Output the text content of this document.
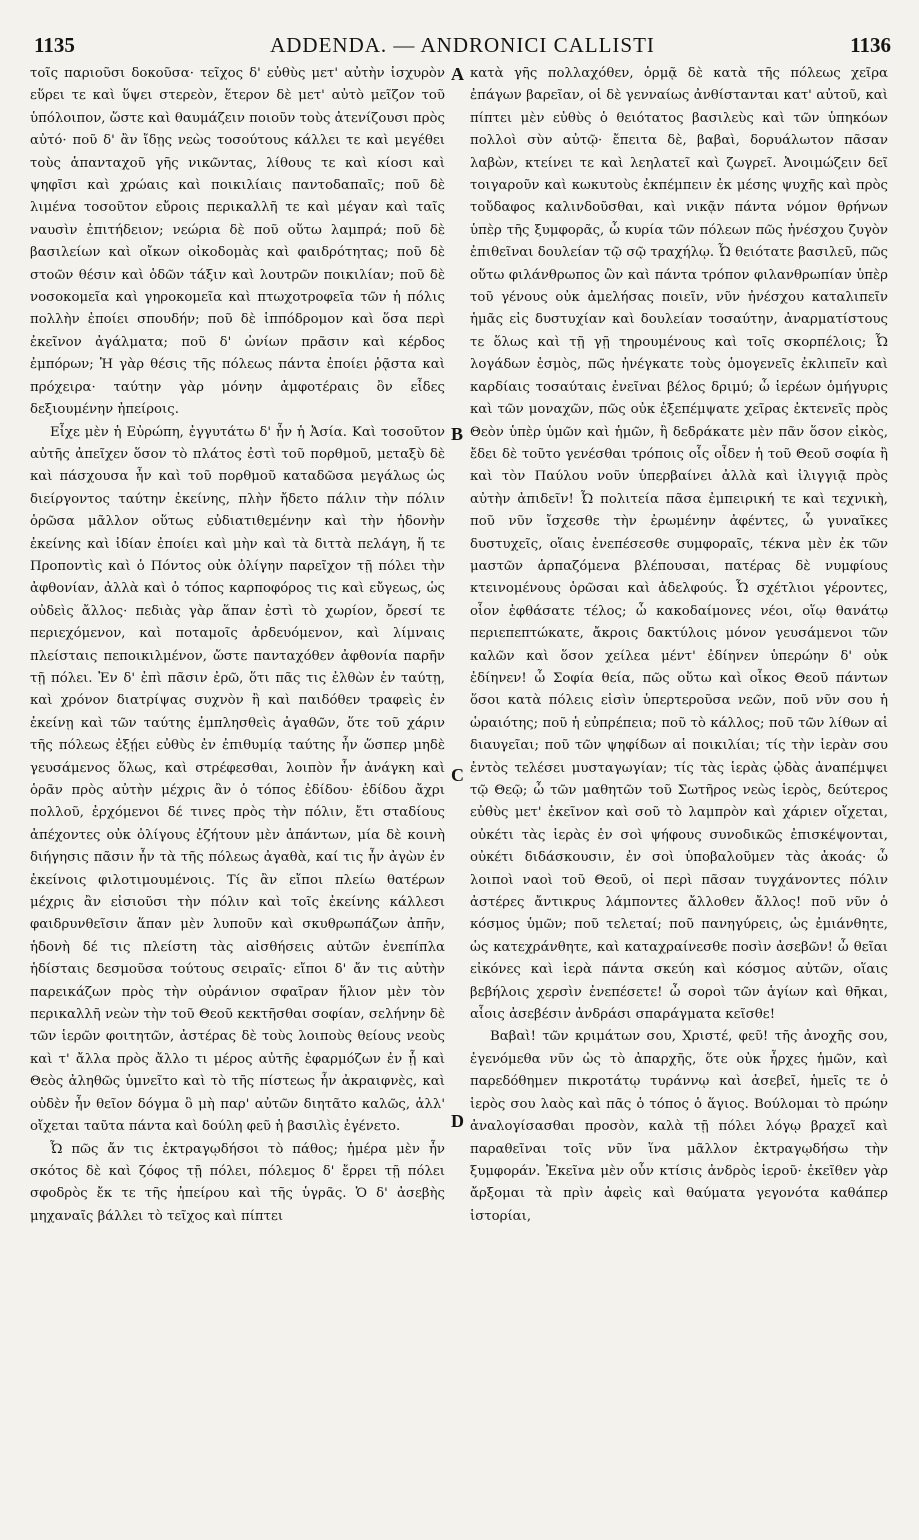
1135	ADDENDA. — ANDRONICI CALLISTI	1136

τοῖς παριοῦσι δοκοῦσα· τεῖχος δ' εὐθὺς μετ' αὐτὴν ἰσχυρὸν εὕρει τε καὶ ὕψει στερεὸν, ἕτερον δὲ μετ' αὐτὸ μεῖζον τοῦ ὑπόλοιπον, ὥστε καὶ θαυμάζειν ποιοῦν τοὺς ἀτενίζουσι πρὸς αὐτό· ποῦ δ' ἂν ἴδῃς νεὼς τοσούτους κάλλει τε καὶ μεγέθει τοὺς ἁπανταχοῦ γῆς νικῶντας, λίθους τε καὶ κίοσι καὶ ψηφῖσι καὶ χρώαις καὶ ποικιλίαις παντοδαπαῖς; ποῦ δὲ λιμένα τοσοῦτον εὔροις περικαλλῆ τε καὶ μέγαν καὶ ταῖς ναυσὶν ἐπιτήδειον; νεώρια δὲ ποῦ οὕτω λαμπρά; ποῦ δὲ βασιλείων καὶ οἴκων οἰκοδομὰς καὶ φαιδρότητας; ποῦ δὲ στοῶν θέσιν καὶ ὁδῶν τάξιν καὶ λουτρῶν ποικιλίαν; ποῦ δὲ νοσοκομεῖα καὶ γηροκομεῖα καὶ πτωχοτροφεῖα τῶν ἡ πόλις πολλὴν ἐποίει σπουδήν; ποῦ δὲ ἱππόδρομον καὶ ὅσα περὶ ἐκεῖνον ἀγάλματα; ποῦ δ' ὠνίων πρᾶσιν καὶ κέρδος ἐμπόρων; Ἡ γὰρ θέσις τῆς πόλεως πάντα ἐποίει ῥᾷστα καὶ πρόχειρα· ταύτην γὰρ μόνην ἀμφοτέραις ὂν εἶδες δεξιουμένην ἠπείροις.

Εἶχε μὲν ἡ Εὐρώπη, ἐγγυτάτω δ' ἦν ἡ Ἀσία. Καὶ τοσοῦτον αὐτῆς ἀπεῖχεν ὅσον τὸ πλάτος ἐστὶ τοῦ πορθμοῦ, μεταξὺ δὲ καὶ πάσχουσα ἦν καὶ τοῦ πορθμοῦ καταδῶσα μεγάλως ὡς διείργοντος ταύτην ἐκείνης, πλὴν ἤδετο πάλιν τὴν πόλιν ὁρῶσα μᾶλλον οὕτως εὐδιατιθεμένην καὶ τὴν ἡδονὴν ἐκείνης καὶ ἰδίαν ἐποίει καὶ μὴν καὶ τὰ διττὰ πελάγη, ἥ τε Προποντὶς καὶ ὁ Πόντος οὐκ ὀλίγην παρεῖχον τῇ πόλει τὴν ἀφθονίαν, ἀλλὰ καὶ ὁ τόπος καρποφόρος τις καὶ εὔγεως, ὡς οὐδεὶς ἄλλος· πεδιὰς γὰρ ἅπαν ἐστὶ τὸ χωρίον, ὄρεσί τε περιεχόμενον, καὶ ποταμοῖς ἀρδευόμενον, καὶ λίμναις πλείσταις πεποικιλμένον, ὥστε πανταχόθεν ἀφθονία παρῆν τῇ πόλει. Ἐν δ' ἐπὶ πᾶσιν ἐρῶ, ὅτι πᾶς τις ἐλθὼν ἐν ταύτῃ, καὶ χρόνον διατρίψας συχνὸν ἢ καὶ παιδόθεν τραφεὶς ἐν ἐκείνῃ καὶ τῶν ταύτης ἐμπλησθεὶς ἀγαθῶν, ὅτε τοῦ χάριν τῆς πόλεως ἐξῄει εὐθὺς ἐν ἐπιθυμίᾳ ταύτης ἦν ὥσπερ μηδὲ γευσάμενος ὅλως, καὶ στρέφεσθαι, λοιπὸν ἦν ἀνάγκη καὶ ὁρᾶν πρὸς αὐτὴν μέχρις ἂν ὁ τόπος ἐδίδου· ἐδίδου ἄχρι πολλοῦ, ἐρχόμενοι δέ τινες πρὸς τὴν πόλιν, ἔτι σταδίους ἀπέχοντες οὐκ ὀλίγους ἐζήτουν μὲν ἁπάντων, μία δὲ κοινὴ διήγησις πᾶσιν ἦν τὰ τῆς πόλεως ἀγαθὰ, καί τις ἦν ἀγὼν ἐν ἐκείνοις φιλοτιμουμένοις. Τίς ἂν εἴποι πλείω θατέρων μέχρις ἂν εἰσιοῦσι τὴν πόλιν καὶ τοῖς ἐκείνης κάλλεσι φαιδρυνθεῖσιν ἅπαν μὲν λυποῦν καὶ σκυθρωπάζων ἀπῆν, ἡδονὴ δέ τις πλείστη τὰς αἰσθήσεις αὐτῶν ἐνεπίπλα ἡδίσταις δεσμοῦσα τούτους σειραῖς· εἴποι δ' ἄν τις αὐτὴν παρεικάζων πρὸς τὴν οὐράνιον σφαῖραν ἥλιον μὲν τὸν περικαλλῆ νεὼν τὴν τοῦ Θεοῦ κεκτῆσθαι σοφίαν, σελήνην δὲ τῶν ἱερῶν φοιτητῶν, ἀστέρας δὲ τοὺς λοιποὺς θείους νεοὺς καὶ τ' ἄλλα πρὸς ἄλλο τι μέρος αὐτῆς ἐφαρμόζων ἐν ᾗ καὶ Θεὸς ἀληθῶς ὑμνεῖτο καὶ τὸ τῆς πίστεως ἦν ἀκραιφνὲς, καὶ οὐδὲν ἦν θεῖον δόγμα ὃ μὴ παρ' αὐτῶν διητᾶτο καλῶς, ἀλλ' οἴχεται ταῦτα πάντα καὶ δούλη φεῦ ἡ βασιλὶς ἐγένετο.

Ὦ πῶς ἄν τις ἐκτραγῳδήσοι τὸ πάθος; ἡμέρα μὲν ἦν σκότος δὲ καὶ ζόφος τῇ πόλει, πόλεμος δ' ἔρρει τῇ πόλει σφοδρὸς ἔκ τε τῆς ἠπείρου καὶ τῆς ὑγρᾶς. Ὁ δ' ἀσεβὴς μηχαναῖς βάλλει τὸ τεῖχος καὶ πίπτει

A
B
C
D

κατὰ γῆς πολλαχόθεν, ὁρμᾷ δὲ κατὰ τῆς πόλεως χεῖρα ἐπάγων βαρεῖαν, οἱ δὲ γενναίως ἀνθίστανται κατ' αὐτοῦ, καὶ πίπτει μὲν εὐθὺς ὁ θειότατος βασιλεὺς καὶ τῶν ὑπηκόων πολλοὶ σὺν αὐτῷ· ἔπειτα δὲ, βαβαὶ, δορυάλωτον πᾶσαν λαβὼν, κτείνει τε καὶ λεηλατεῖ καὶ ζωγρεῖ. Ἀνοιμώζειν δεῖ τοιγαροῦν καὶ κωκυτοὺς ἐκπέμπειν ἐκ μέσης ψυχῆς καὶ πρὸς τοὔδαφος καλινδοῦσθαι, καὶ νικᾷν πάντα νόμον θρήνων ὑπὲρ τῆς ξυμφορᾶς, ὦ κυρία τῶν πόλεων πῶς ἠνέσχου ζυγὸν ἐπιθεῖναι δουλείαν τῷ σῷ τραχήλῳ. Ὦ θειότατε βασιλεῦ, πῶς οὕτω φιλάνθρωπος ὢν καὶ πάντα τρόπον φιλανθρωπίαν ὑπὲρ τοῦ γένους οὐκ ἀμελήσας ποιεῖν, νῦν ἠνέσχου καταλιπεῖν ἡμᾶς εἰς δυστυχίαν καὶ δουλείαν τοσαύτην, ἀναρματίστους τε ὅλως καὶ τῇ γῇ τηρουμένους καὶ τοῖς σκορπέλοις; Ὦ λογάδων ἑσμὸς, πῶς ἠνέγκατε τοὺς ὁμογενεῖς ἐκλιπεῖν καὶ καρδίαις τοσαύταις ἐνεῖναι βέλος δριμύ; ὦ ἱερέων ὁμήγυρις καὶ τῶν μοναχῶν, πῶς οὐκ ἐξεπέμψατε χεῖρας ἐκτενεῖς πρὸς Θεὸν ὑπὲρ ὑμῶν καὶ ἡμῶν, ἢ δεδράκατε μὲν πᾶν ὅσον εἰκὸς, ἔδει δὲ τοῦτο γενέσθαι τρόποις οἷς οἶδεν ἡ τοῦ Θεοῦ σοφία ἢ καὶ τὸν Παύλου νοῦν ὑπερβαίνει ἀλλὰ καὶ ἰλιγγιᾷ πρὸς αὐτὴν ἀπιδεῖν! Ὦ πολιτεία πᾶσα ἐμπειρική τε καὶ τεχνικὴ, ποῦ νῦν ἴσχεσθε τὴν ἐρωμένην ἀφέντες, ὦ γυναῖκες δυστυχεῖς, οἵαις ἐνεπέσεσθε συμφοραῖς, τέκνα μὲν ἐκ τῶν μαστῶν ἁρπαζόμενα βλέπουσαι, πατέρας δὲ νυμφίους κτεινομένους ὁρῶσαι καὶ ἀδελφούς. Ὦ σχέτλιοι γέροντες, οἷον ἐφθάσατε τέλος; ὦ κακοδαίμονες νέοι, οἵῳ θανάτῳ περιεπεπτώκατε, ἄκροις δακτύλοις μόνον γευσάμενοι τῶν καλῶν καὶ ὅσον χείλεα μέντ' ἐδίηνεν ὑπερώην δ' οὐκ ἐδίηνεν! ὦ Σοφία θεία, πῶς οὕτω καὶ οἶκος Θεοῦ πάντων ὅσοι κατὰ πόλεις εἰσὶν ὑπερτεροῦσα νεῶν, ποῦ νῦν σου ἡ ὡραιότης; ποῦ ἡ εὐπρέπεια; ποῦ τὸ κάλλος; ποῦ τῶν λίθων αἱ διαυγεῖαι; ποῦ τῶν ψηφίδων αἱ ποικιλίαι; τίς τὴν ἱερὰν σου ἐντὸς τελέσει μυσταγωγίαν; τίς τὰς ἱερὰς ᾠδὰς ἀναπέμψει τῷ Θεῷ; ὦ τῶν μαθητῶν τοῦ Σωτῆρος νεὼς ἱερὸς, δεύτερος εὐθὺς μετ' ἐκεῖνον καὶ σοῦ τὸ λαμπρὸν καὶ χάριεν οἴχεται, οὐκέτι τὰς ἱερὰς ἐν σοὶ ψήφους συνοδικῶς ἐπισκέψονται, οὐκέτι διδάσκουσιν, ἐν σοὶ ὑποβαλοῦμεν τὰς ἀκοάς· ὦ λοιποὶ ναοὶ τοῦ Θεοῦ, οἱ περὶ πᾶσαν τυγχάνοντες πόλιν ἀστέρες ἄντικρυς λάμποντες ἄλλοθεν ἄλλος! ποῦ νῦν ὁ κόσμος ὑμῶν; ποῦ τελεταί; ποῦ πανηγύρεις, ὡς ἐμιάνθητε, ὡς κατεχράνθητε, καὶ καταχραίνεσθε ποσὶν ἀσεβῶν! ὦ θεῖαι εἰκόνες καὶ ἱερὰ πάντα σκεύη καὶ κόσμος αὐτῶν, οἵαις βεβήλοις χερσὶν ἐνεπέσετε! ὦ σοροὶ τῶν ἁγίων καὶ θῆκαι, αἷοις ἀσεβέσιν ἀνδράσι σπαράγματα κεῖσθε!

Βαβαὶ! τῶν κριμάτων σου, Χριστέ, φεῦ! τῆς ἀνοχῆς σου, ἐγενόμεθα νῦν ὡς τὸ ἀπαρχῆς, ὅτε οὐκ ἦρχες ἡμῶν, καὶ παρεδόθημεν πικροτάτῳ τυράννῳ καὶ ἀσεβεῖ, ἡμεῖς τε ὁ ἱερὸς σου λαὸς καὶ πᾶς ὁ τόπος ὁ ἅγιος. Βούλομαι τὸ πρώην ἀναλογίσασθαι προσὸν, καλὰ τῇ πόλει λόγῳ βραχεῖ καὶ παραθεῖναι τοῖς νῦν ἵνα μᾶλλον ἐκτραγῳδήσω τὴν ξυμφοράν. Ἐκεῖνα μὲν οὖν κτίσις ἀνδρὸς ἱεροῦ· ἐκεῖθεν γὰρ ἄρξομαι τὰ πρὶν ἀφεὶς καὶ θαύματα γεγονότα καθάπερ ἱστορίαι,
